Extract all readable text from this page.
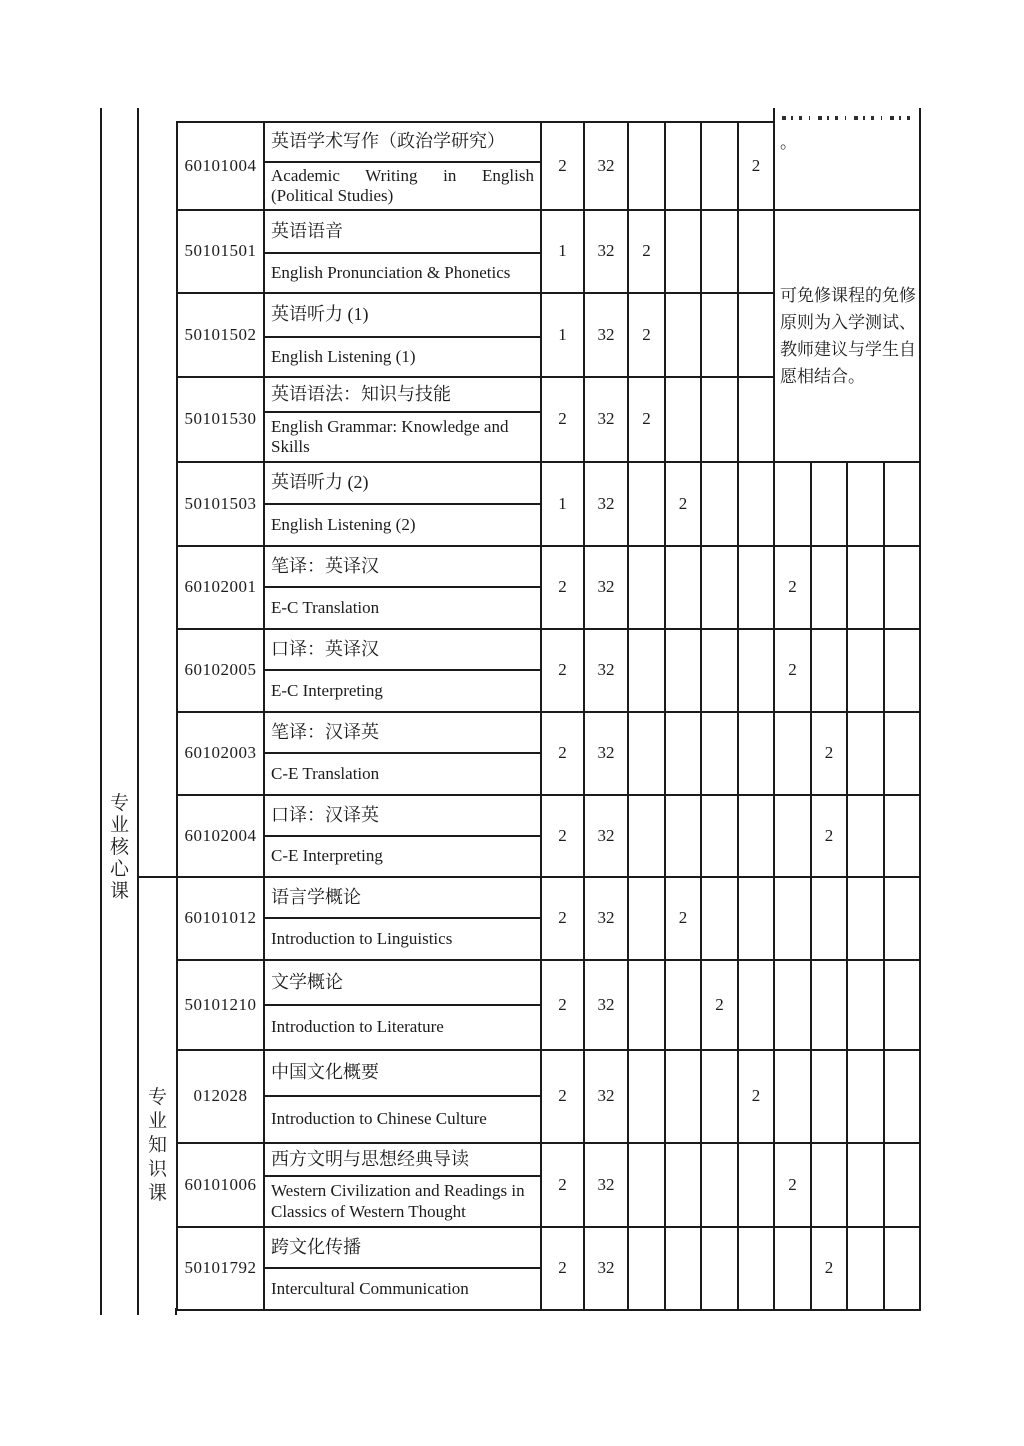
专业核心课										。			

		60101004	英语学术写作（政治学研究）	2	32				2				

			Academic Writing in English (Political Studies)										

		50101501	英语语音	1	32	2				可免修课程的免修原则为入学测试、教师建议与学生自愿相结合。			

			English Pronunciation & Phonetics										
		50101502	英语听力 (1)	1	32	2							
			English Listening (1)										
		50101530	英语语法：知识与技能	2	32	2							
			English Grammar: Knowledge and Skills										
		50101503	英语听力 (2)	1	32		2						
			English Listening (2)										
		60102001	笔译：英译汉	2	32					2			
			E-C Translation										
		60102005	口译：英译汉	2	32					2			
			E-C Interpreting										
		60102003	笔译：汉译英	2	32						2		
			C-E Translation										
		60102004	口译：汉译英	2	32						2		
			C-E Interpreting										

	专业知识课	60101012	语言学概论	2	32		2						
			Introduction to Linguistics										
		50101210	文学概论	2	32			2					
			Introduction to Literature										
		012028	中国文化概要	2	32				2				
			Introduction to Chinese Culture										
		60101006	西方文明与思想经典导读	2	32					2			
			Western Civilization and Readings in Classics of Western Thought										
		50101792	跨文化传播	2	32						2		
			Intercultural Communication										
